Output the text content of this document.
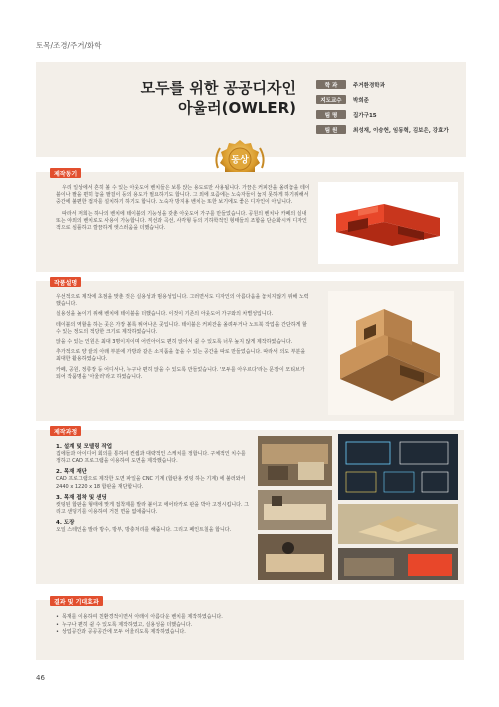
토목/조경/주거/화학
모두를 위한 공공디자인
아울러(OWLER)
학 과	주거환경학과
지도교수	박희준
팀 명	집가구15
팀 원	최성재, 이승헌, 임동혁, 김보은, 강효가
동상
제작동기

우리 일상에서 흔히 볼 수 있는 아웃도어 벤치들은 보통 앉는 용도로만 사용됩니다. 가끔은 커피잔을 올려놓을 테이블이나 팔을 편히 놓을 팔걸이 등의 용도가 필요하기도 합니다. 그 외에 요즘에는 노숙자들이 눕지 못하게 하기위해서 중간에 불편한 접자를 설치하기 하기도 합니다. 노숙자 방지용 벤치는 또한 보기에도 좋은 디자인이 아닙니다.

따라서 저희는 하나의 벤치에 테이블의 기능성을 갖춘 아웃도어 가구를 만들었습니다. 공원의 벤치나 카페의 실내 또는 야외의 벤치로도 사용이 가능합니다. 직선과 곡선, 사각형 등의 기하학적인 형태들의 조합을 단순화시켜 디자인적으로 심플하고 깔끔하게 엣스러움을 더했습니다.

작품설명

우선적으로 제작에 초점을 맞춘 것은 실용성과 범용성입니다. 그러면서도 디자인의 아름다움을 놓치지않기 위해 노력했습니다.

실용성을 높이기 위해 벤치에 테이블을 더했습니다. 이것이 기존의 아웃도어 가구와의 차별성입니다.

테이블의 역할을 하는 곳은 가장 볼록 튀어나온 곳입니다. 테이블은 커피잔을 올려두거나 노트북 작업을 간단하게 할 수 있는 정도의 적당한 크기로 제작하였습니다.

앉을 수 있는 인원은 최대 3명이지이며 어린아이도 편히 앉아서 쉴 수 있도록 너무 높지 않게 제작하였습니다.

추가적으로 양 끝의 아래 부분에 가방과 같은 소지품을 놓을 수 있는 공간을 따로 만들었습니다. 따라서 의도 부분을 최대한 활용하였습니다.

카페, 공원, 정류장 등 어디서나, 누구나 편히 앉을 수 있도록 만들었습니다. '모두를 아우르다'라는 문장이 모티브가 되어 작품명을 '아울러'라고 하였습니다.

제작과정
1. 설계 및 모델링 작업
집에들과 아이디어 회의를 통하여 컨셉과 대략적인 스케치를 정합니다. 구체적인 치수를 정하고 CAD 프로그램을 이용하여 도면을 제작했습니다.
2. 목재 재단
CAD 프로그램으로 제작한 도면 파일을 CNC 기계 (합판용 컷팅 하는 기계) 에 불러와서 2440 x 1220 x 18 합판을 재단합니다.
3. 목재 접착 및 샌딩
컷팅된 합판을 형태에 맞게 접착제를 발라 붙이고 에어타카로 판을 박아 고정시킵니다. 그리고 샌딩기를 이용하여 거친 면을 없애줍니다.
4. 도장
오일 스테인을 발라 방수, 방부, 방충처리를 해줍니다. 그리고 페인트칠을 합니다.
결과 및 기대효과
• 목재를 이용하여 친환경적이면서 아래이 아름다운 벤치를 제작하였습니다.
• 누구나 편히 쉴 수 있도록 제작하였고, 실용성을 더했습니다.
• 상업공간과 공공공간에 모두 어울리도록 제작하였습니다.
46
